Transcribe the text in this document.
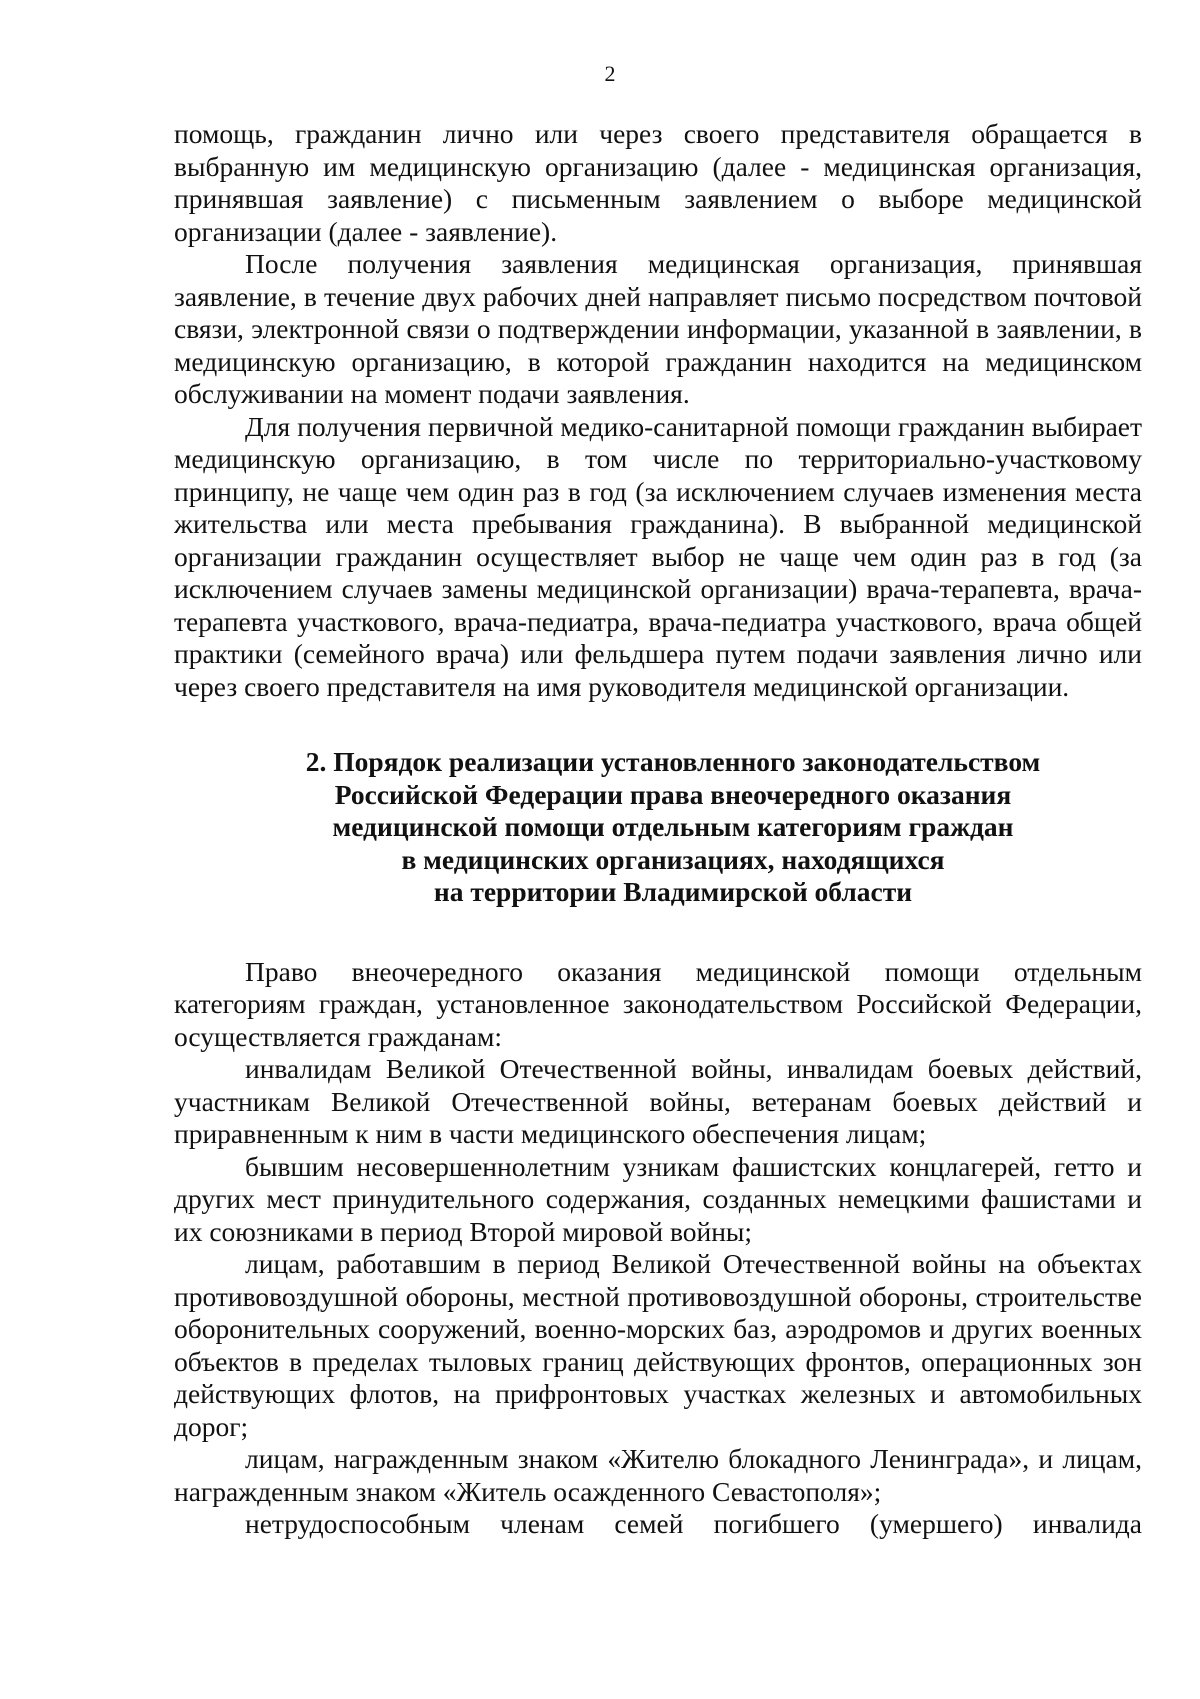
2

помощь, гражданин лично или через своего представителя обращается в выбранную им медицинскую организацию (далее - медицинская организация, принявшая заявление) с письменным заявлением о выборе медицинской организации (далее - заявление).

После получения заявления медицинская организация, принявшая заявление, в течение двух рабочих дней направляет письмо посредством почтовой связи, электронной связи о подтверждении информации, указанной в заявлении, в медицинскую организацию, в которой гражданин находится на медицинском обслуживании на момент подачи заявления.

Для получения первичной медико-санитарной помощи гражданин выбирает медицинскую организацию, в том числе по территориально-участковому принципу, не чаще чем один раз в год (за исключением случаев изменения места жительства или места пребывания гражданина). В выбранной медицинской организации гражданин осуществляет выбор не чаще чем один раз в год (за исключением случаев замены медицинской организации) врача-терапевта, врача-терапевта участкового, врача-педиатра, врача-педиатра участкового, врача общей практики (семейного врача) или фельдшера путем подачи заявления лично или через своего представителя на имя руководителя медицинской организации.

2. Порядок реализации установленного законодательством
Российской Федерации права внеочередного оказания
медицинской помощи отдельным категориям граждан
в медицинских организациях, находящихся
на территории Владимирской области

Право внеочередного оказания медицинской помощи отдельным категориям граждан, установленное законодательством Российской Федерации, осуществляется гражданам:

инвалидам Великой Отечественной войны, инвалидам боевых действий, участникам Великой Отечественной войны, ветеранам боевых действий и приравненным к ним в части медицинского обеспечения лицам;

бывшим несовершеннолетним узникам фашистских концлагерей, гетто и других мест принудительного содержания, созданных немецкими фашистами и их союзниками в период Второй мировой войны;

лицам, работавшим в период Великой Отечественной войны на объектах противовоздушной обороны, местной противовоздушной обороны, строительстве оборонительных сооружений, военно-морских баз, аэродромов и других военных объектов в пределах тыловых границ действующих фронтов, операционных зон действующих флотов, на прифронтовых участках железных и автомобильных дорог;

лицам, награжденным знаком «Жителю блокадного Ленинграда», и лицам, награжденным знаком «Житель осажденного Севастополя»;

нетрудоспособным членам семей погибшего (умершего) инвалида
